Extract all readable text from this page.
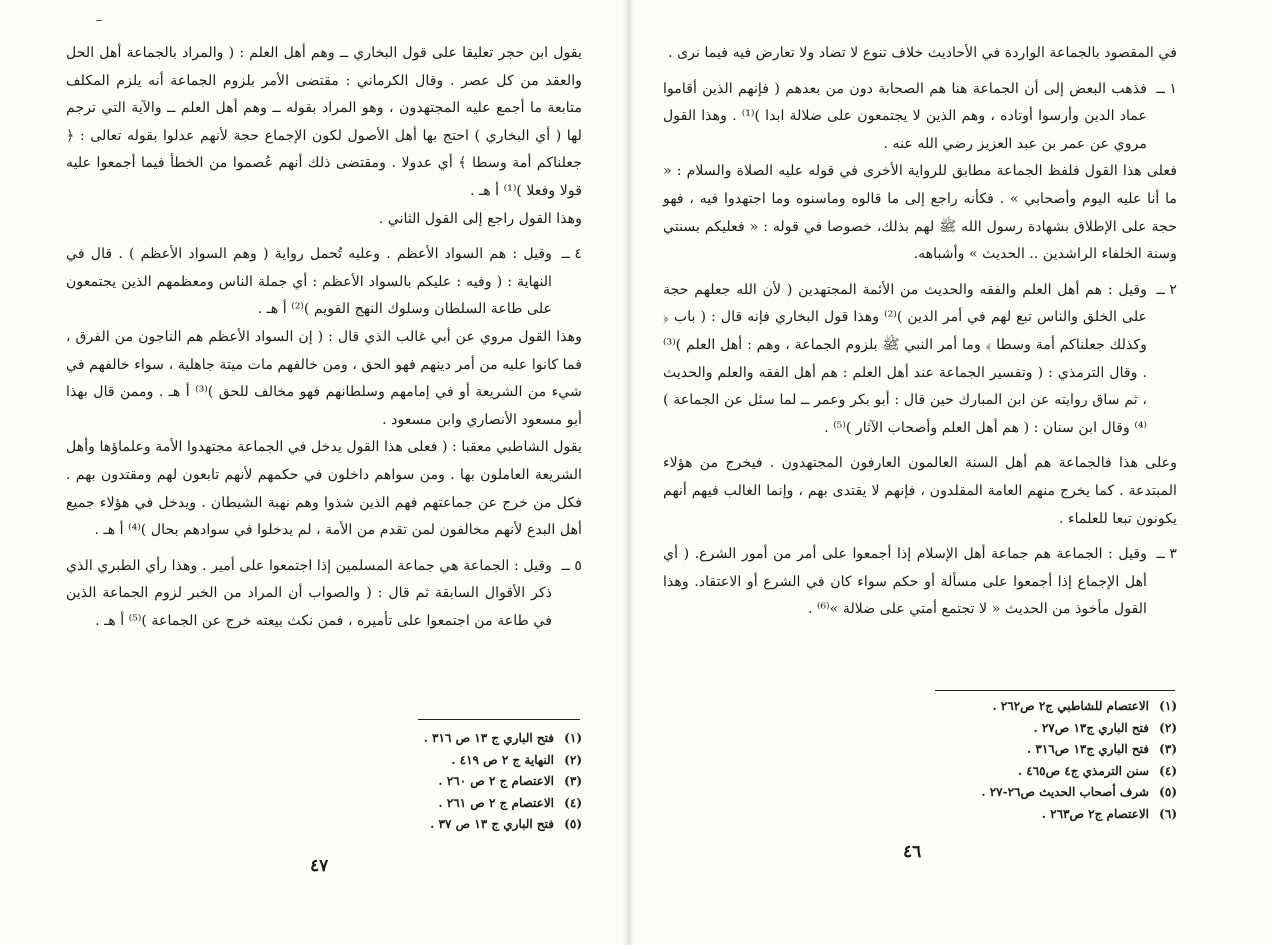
يقول ابن حجر تعليقا على قول البخاري ــ وهم أهل العلم : ( والمراد بالجماعة أهل الحل والعقد من كل عصر . وقال الكرماني : مقتضى الأمر بلزوم الجماعة أنه يلزم المكلف متابعة ما أجمع عليه المجتهدون ، وهو المراد بقوله ــ وهم أهل العلم ــ والآية التي ترجم لها ( أي البخاري ) احتج بها أهل الأصول لكون الإجماع حجة لأنهم عدلوا بقوله تعالى : ﴿ جعلناكم أمة وسطا ﴾ أي عدولا . ومقتضى ذلك أنهم عُصموا من الخطأ فيما أجمعوا عليه قولا وفعلا )⁽¹⁾ أ هـ .

وهذا القول راجع إلى القول الثاني .

٤ ــ

وقيل : هم السواد الأعظم . وعليه تُحمل رواية ( وهم السواد الأعظم ) . قال في النهاية : ( وفيه : عليكم بالسواد الأعظم : أي جملة الناس ومعظمهم الذين يجتمعون على طاعة السلطان وسلوك النهج القويم )⁽²⁾ أ هـ .

وهذا القول مروي عن أبي غالب الذي قال : ( إن السواد الأعظم هم الناجون من الفرق ، فما كانوا عليه من أمر دينهم فهو الحق ، ومن خالفهم مات ميتة جاهلية ، سواء خالفهم في شيء من الشريعة أو في إمامهم وسلطانهم فهو مخالف للحق )⁽³⁾ أ هـ . وممن قال بهذا أبو مسعود الأنصاري وابن مسعود .

يقول الشاطبي معقبا : ( فعلى هذا القول يدخل في الجماعة مجتهدوا الأمة وعلماؤها وأهل الشريعة العاملون بها . ومن سواهم داخلون في حكمهم لأنهم تابعون لهم ومقتدون بهم . فكل من خرج عن جماعتهم فهم الذين شذوا وهم نهبة الشيطان . ويدخل في هؤلاء جميع أهل البدع لأنهم مخالفون لمن تقدم من الأمة ، لم يدخلوا في سوادهم بحال )⁽⁴⁾ أ هـ .

٥ ــ

وقيل : الجماعة هي جماعة المسلمين إذا اجتمعوا على أمير . وهذا رأي الطبري الذي ذكر الأقوال السابقة ثم قال : ( والصواب أن المراد من الخبر لزوم الجماعة الذين في طاعة من اجتمعوا على تأميره ، فمن نكث بيعته خرج عن الجماعة )⁽⁵⁾ أ هـ .

(١)فتح الباري ج ١٣ ص ٣١٦ .
(٢)النهاية ج ٢ ص ٤١٩ .
(٣)الاعتصام ج ٢ ص ٢٦٠ .
(٤)الاعتصام ج ٢ ص ٢٦١ .
(٥)فتح الباري ج ١٣ ص ٣٧ .
٤٧

في المقصود بالجماعة الواردة في الأحاديث خلاف تنوع لا تضاد ولا تعارض فيه فيما نرى .

١ ــ

فذهب البعض إلى أن الجماعة هنا هم الصحابة دون من بعدهم ( فإنهم الذين أقاموا عماد الدين وأرسوا أوتاده ، وهم الذين لا يجتمعون على ضلالة ابدا )⁽¹⁾ . وهذا القول مروي عن عمر بن عبد العزيز رضي الله عنه .

فعلى هذا القول فلفظ الجماعة مطابق للرواية الأخرى في قوله عليه الصلاة والسلام : « ما أنا عليه اليوم وأصحابي » . فكأنه راجع إلى ما قالوه وماسنوه وما اجتهدوا فيه ، فهو حجة على الإطلاق بشهادة رسول الله ﷺ لهم بذلك، خصوصا في قوله : « فعليكم بسنتي وسنة الخلفاء الراشدين .. الحديث » وأشباهه.

٢ ــ

وقيل : هم أهل العلم والفقه والحديث من الأئمة المجتهدين ( لأن الله جعلهم حجة على الخلق والناس تبع لهم في أمر الدين )⁽²⁾ وهذا قول البخاري فإنه قال : ( باب ﴿ وكذلك جعلناكم أمة وسطا ﴾ وما أمر النبي ﷺ بلزوم الجماعة ، وهم : أهل العلم )⁽³⁾ . وقال الترمذي : ( وتفسير الجماعة عند أهل العلم : هم أهل الفقه والعلم والحديث ، ثم ساق روايته عن ابن المبارك حين قال : أبو بكر وعمر ــ لما سئل عن الجماعة )⁽⁴⁾ وقال ابن سنان : ( هم أهل العلم وأصحاب الآثار )⁽⁵⁾ .

وعلى هذا فالجماعة هم أهل السنة العالمون العارفون المجتهدون . فيخرج من هؤلاء المبتدعة . كما يخرج منهم العامة المقلدون ، فإنهم لا يقتدى بهم ، وإنما الغالب فيهم أنهم يكونون تبعا للعلماء .

٣ ــ

وقيل : الجماعة هم جماعة أهل الإسلام إذا أجمعوا على أمر من أمور الشرع. ( أي أهل الإجماع إذا أجمعوا على مسألة أو حكم سواء كان في الشرع أو الاعتقاد. وهذا القول مأخوذ من الحديث « لا تجتمع أمتي على ضلالة »⁽⁶⁾ .

(١)الاعتصام للشاطبي ج٢ ص٢٦٢ .
(٢)فتح الباري ج١٣ ص٢٧ .
(٣)فتح الباري ج١٣ ص٣١٦ .
(٤)سنن الترمذي ج٤ ص٤٦٥ .
(٥)شرف أصحاب الحديث ص٢٦-٢٧ .
(٦)الاعتصام ج٢ ص٢٦٣ .
٤٦
